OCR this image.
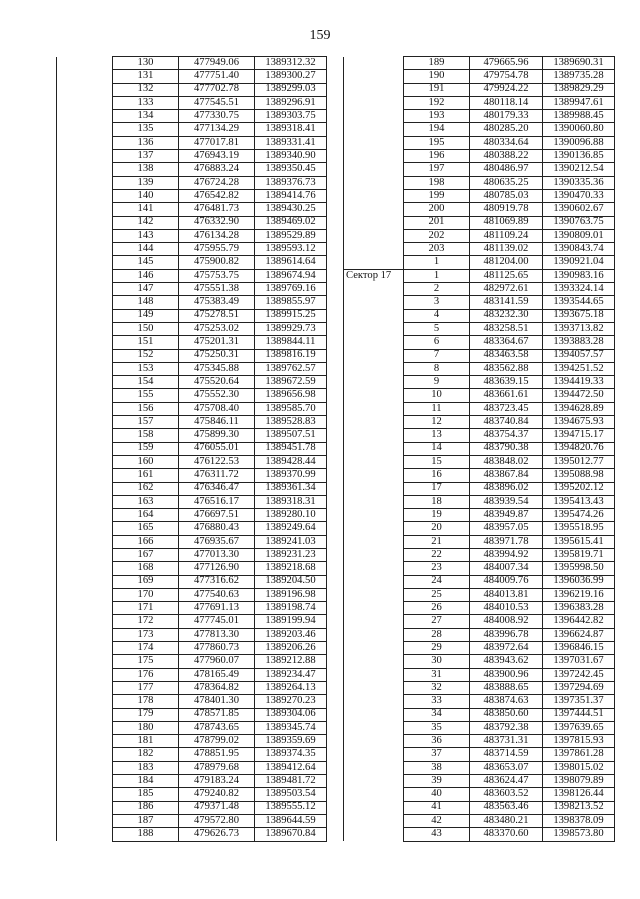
159
	130	477949.06	1389312.32
	131	477751.40	1389300.27
	132	477702.78	1389299.03
	133	477545.51	1389296.91
	134	477330.75	1389303.75
	135	477134.29	1389318.41
	136	477017.81	1389331.41
	137	476943.19	1389340.90
	138	476883.24	1389350.45
	139	476724.28	1389376.73
	140	476542.82	1389414.76
	141	476481.73	1389430.25
	142	476332.90	1389469.02
	143	476134.28	1389529.89
	144	475955.79	1389593.12
	145	475900.82	1389614.64
	146	475753.75	1389674.94
	147	475551.38	1389769.16
	148	475383.49	1389855.97
	149	475278.51	1389915.25
	150	475253.02	1389929.73
	151	475201.31	1389844.11
	152	475250.31	1389816.19
	153	475345.88	1389762.57
	154	475520.64	1389672.59
	155	475552.30	1389656.98
	156	475708.40	1389585.70
	157	475846.11	1389528.83
	158	475899.30	1389507.51
	159	476055.01	1389451.78
	160	476122.53	1389428.44
	161	476311.72	1389370.99
	162	476346.47	1389361.34
	163	476516.17	1389318.31
	164	476697.51	1389280.10
	165	476880.43	1389249.64
	166	476935.67	1389241.03
	167	477013.30	1389231.23
	168	477126.90	1389218.68
	169	477316.62	1389204.50
	170	477540.63	1389196.98
	171	477691.13	1389198.74
	172	477745.01	1389199.94
	173	477813.30	1389203.46
	174	477860.73	1389206.26
	175	477960.07	1389212.88
	176	478165.49	1389234.47
	177	478364.82	1389264.13
	178	478401.30	1389270.23
	179	478571.85	1389304.06
	180	478743.65	1389345.74
	181	478799.02	1389359.69
	182	478851.95	1389374.35
	183	478979.68	1389412.64
	184	479183.24	1389481.72
	185	479240.82	1389503.54
	186	479371.48	1389555.12
	187	479572.80	1389644.59
	188	479626.73	1389670.84
	189	479665.96	1389690.31
	190	479754.78	1389735.28
	191	479924.22	1389829.29
	192	480118.14	1389947.61
	193	480179.33	1389988.45
	194	480285.20	1390060.80
	195	480334.64	1390096.88
	196	480388.22	1390136.85
	197	480486.97	1390212.54
	198	480635.25	1390335.36
	199	480785.03	1390470.33
	200	480919.78	1390602.67
	201	481069.89	1390763.75
	202	481109.24	1390809.01
	203	481139.02	1390843.74
	1	481204.00	1390921.04
Сектор 17	1	481125.65	1390983.16
	2	482972.61	1393324.14
	3	483141.59	1393544.65
	4	483232.30	1393675.18
	5	483258.51	1393713.82
	6	483364.67	1393883.28
	7	483463.58	1394057.57
	8	483562.88	1394251.52
	9	483639.15	1394419.33
	10	483661.61	1394472.50
	11	483723.45	1394628.89
	12	483740.84	1394675.93
	13	483754.37	1394715.17
	14	483790.38	1394820.76
	15	483848.02	1395012.77
	16	483867.84	1395088.98
	17	483896.02	1395202.12
	18	483939.54	1395413.43
	19	483949.87	1395474.26
	20	483957.05	1395518.95
	21	483971.78	1395615.41
	22	483994.92	1395819.71
	23	484007.34	1395998.50
	24	484009.76	1396036.99
	25	484013.81	1396219.16
	26	484010.53	1396383.28
	27	484008.92	1396442.82
	28	483996.78	1396624.87
	29	483972.64	1396846.15
	30	483943.62	1397031.67
	31	483900.96	1397242.45
	32	483888.65	1397294.69
	33	483874.63	1397351.37
	34	483850.60	1397444.51
	35	483792.38	1397639.65
	36	483731.31	1397815.93
	37	483714.59	1397861.28
	38	483653.07	1398015.02
	39	483624.47	1398079.89
	40	483603.52	1398126.44
	41	483563.46	1398213.52
	42	483480.21	1398378.09
	43	483370.60	1398573.80
